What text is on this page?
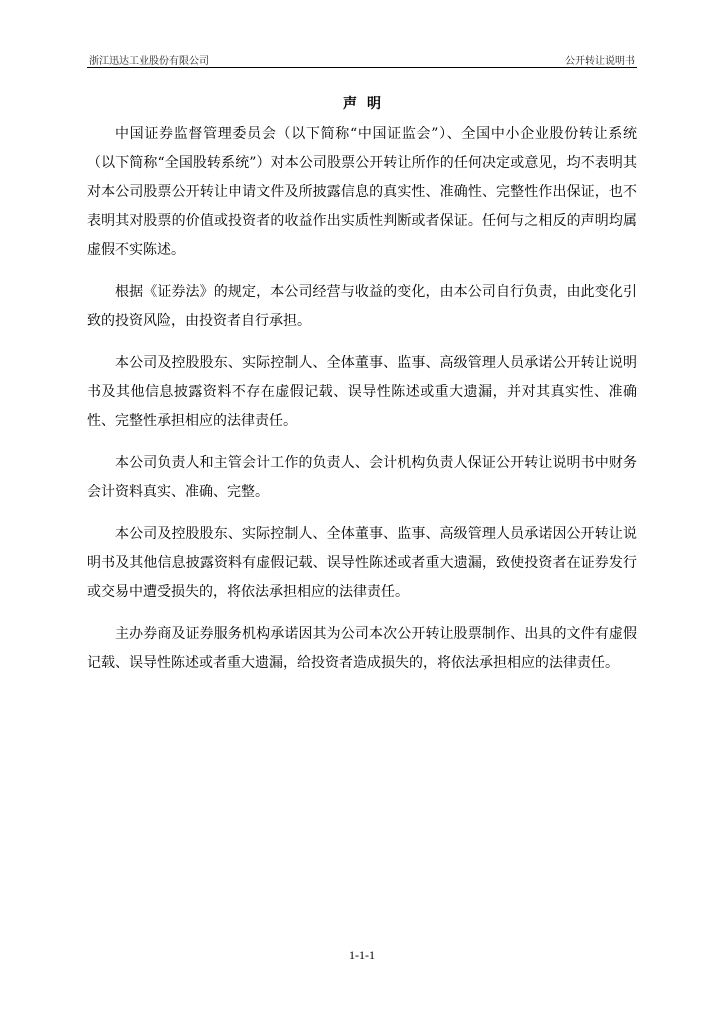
浙江迅达工业股份有限公司	公开转让说明书
声明

中国证券监督管理委员会（以下简称“中国证监会”）、全国中小企业股份转让系统（以下简称“全国股转系统”）对本公司股票公开转让所作的任何决定或意见，均不表明其对本公司股票公开转让申请文件及所披露信息的真实性、准确性、完整性作出保证，也不表明其对股票的价值或投资者的收益作出实质性判断或者保证。任何与之相反的声明均属虚假不实陈述。

根据《证券法》的规定，本公司经营与收益的变化，由本公司自行负责，由此变化引致的投资风险，由投资者自行承担。

本公司及控股股东、实际控制人、全体董事、监事、高级管理人员承诺公开转让说明书及其他信息披露资料不存在虚假记载、误导性陈述或重大遗漏，并对其真实性、准确性、完整性承担相应的法律责任。

本公司负责人和主管会计工作的负责人、会计机构负责人保证公开转让说明书中财务会计资料真实、准确、完整。

本公司及控股股东、实际控制人、全体董事、监事、高级管理人员承诺因公开转让说明书及其他信息披露资料有虚假记载、误导性陈述或者重大遗漏，致使投资者在证券发行或交易中遭受损失的，将依法承担相应的法律责任。

主办券商及证券服务机构承诺因其为公司本次公开转让股票制作、出具的文件有虚假记载、误导性陈述或者重大遗漏，给投资者造成损失的，将依法承担相应的法律责任。

1-1-1
